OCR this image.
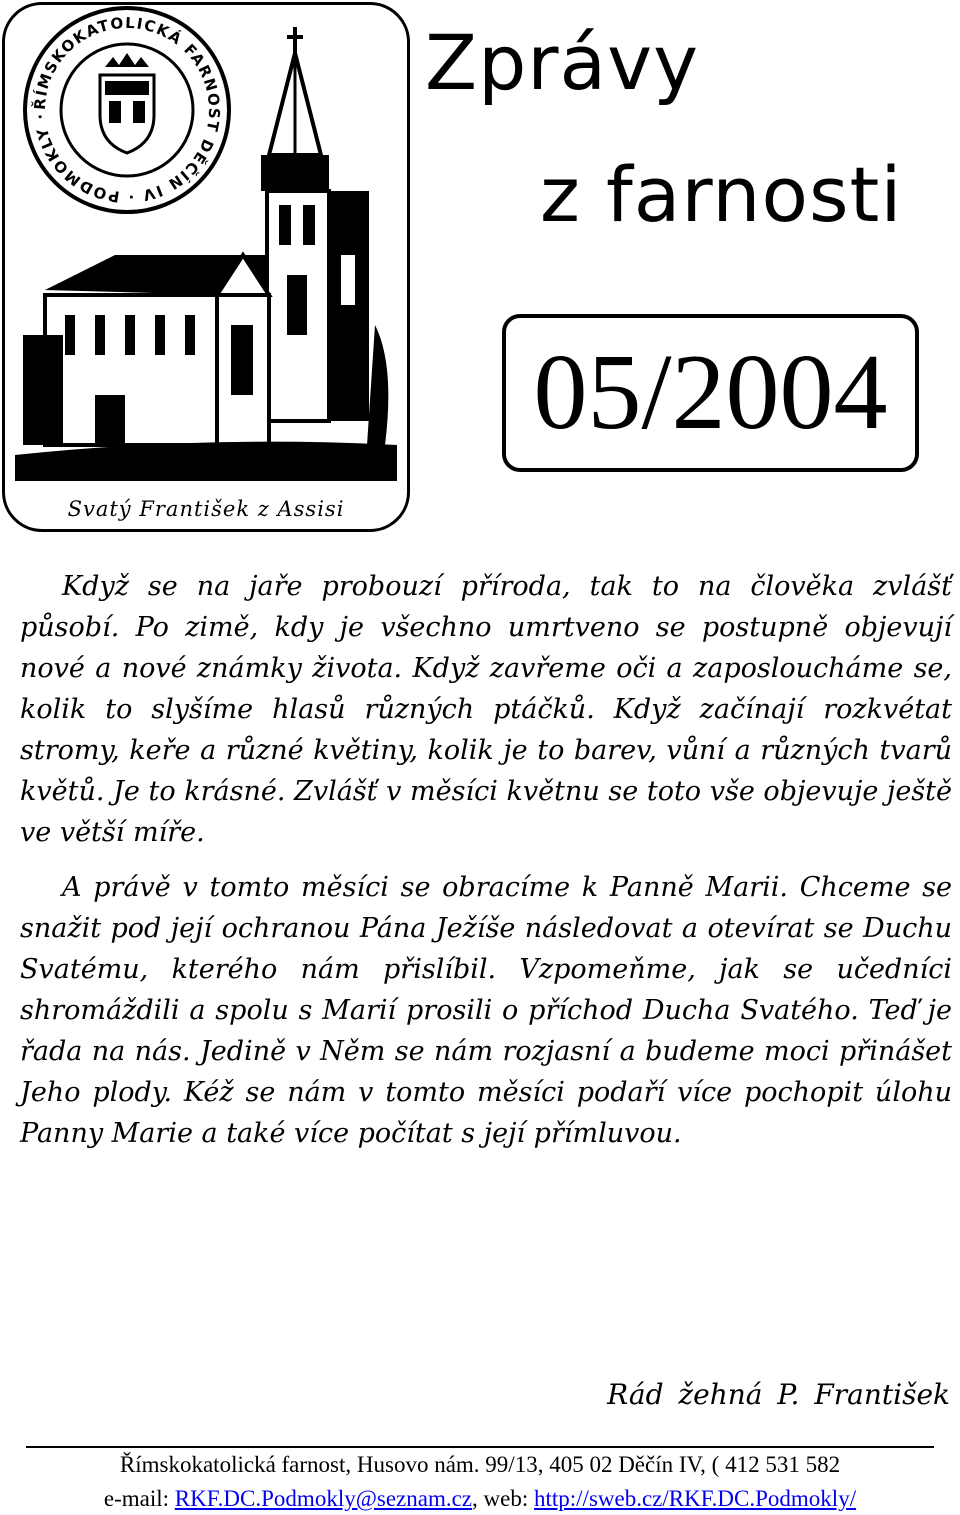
ŘÍMSKOKATOLICKÁ FARNOST DĚČÍN IV · PODMOKLY ·
Svatý František z Assisi
Zprávy
z farnosti
05/2004

Když se na jaře probouzí příroda, tak to na člověka zvlášť působí. Po zimě, kdy je všechno umrtveno se postupně objevují nové a nové známky života. Když zavřeme oči a zaposloucháme se, kolik to slyšíme hlasů různých ptáčků. Když začínají rozkvétat stromy, keře a různé květiny, kolik je to barev, vůní a různých tvarů květů. Je to krásné. Zvlášť v měsíci květnu se toto vše objevuje ještě ve větší míře.

A právě v tomto měsíci se obracíme k Panně Marii. Chceme se snažit pod její ochranou Pána Ježíše následovat a otevírat se Duchu Svatému, kterého nám přislíbil. Vzpomeňme, jak se učedníci shromáždili a spolu s Marií prosili o příchod Ducha Svatého. Teď je řada na nás. Jedině v Něm se nám rozjasní a budeme moci přinášet Jeho plody. Kéž se nám v tomto měsíci podaří více pochopit úlohu Panny Marie a také více počítat s její přímluvou.

Rád žehná P. František
Římskokatolická farnost, Husovo nám. 99/13, 405 02 Děčín IV, ( 412 531 582
e-mail: RKF.DC.Podmokly@seznam.cz, web: http://sweb.cz/RKF.DC.Podmokly/
